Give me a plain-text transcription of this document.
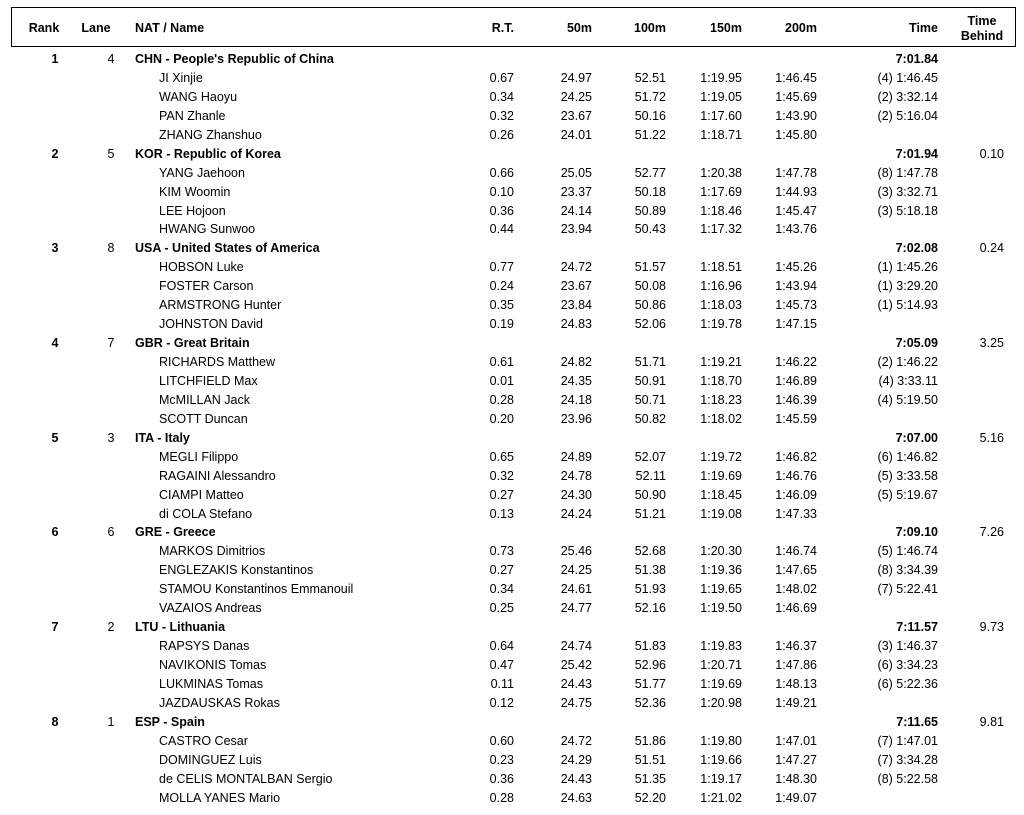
Rank Lane NAT / Name	R.T.	50m	100m	150m	200m	Time	Time
Behind
1	4	CHN - People's Republic of China	7:01.84
JI Xinjie	0.67	24.97	52.51	1:19.95	1:46.45	(4) 1:46.45
WANG Haoyu	0.34	24.25	51.72	1:19.05	1:45.69	(2) 3:32.14
PAN Zhanle	0.32	23.67	50.16	1:17.60	1:43.90	(2) 5:16.04
ZHANG Zhanshuo	0.26	24.01	51.22	1:18.71	1:45.80
2	5	KOR - Republic of Korea	7:01.94	0.10
YANG Jaehoon	0.66	25.05	52.77	1:20.38	1:47.78	(8) 1:47.78
KIM Woomin	0.10	23.37	50.18	1:17.69	1:44.93	(3) 3:32.71
LEE Hojoon	0.36	24.14	50.89	1:18.46	1:45.47	(3) 5:18.18
HWANG Sunwoo	0.44	23.94	50.43	1:17.32	1:43.76
3	8	USA - United States of America	7:02.08	0.24
HOBSON Luke	0.77	24.72	51.57	1:18.51	1:45.26	(1) 1:45.26
FOSTER Carson	0.24	23.67	50.08	1:16.96	1:43.94	(1) 3:29.20
ARMSTRONG Hunter	0.35	23.84	50.86	1:18.03	1:45.73	(1) 5:14.93
JOHNSTON David	0.19	24.83	52.06	1:19.78	1:47.15
4	7	GBR - Great Britain	7:05.09	3.25
RICHARDS Matthew	0.61	24.82	51.71	1:19.21	1:46.22	(2) 1:46.22
LITCHFIELD Max	0.01	24.35	50.91	1:18.70	1:46.89	(4) 3:33.11
McMILLAN Jack	0.28	24.18	50.71	1:18.23	1:46.39	(4) 5:19.50
SCOTT Duncan	0.20	23.96	50.82	1:18.02	1:45.59
5	3	ITA - Italy	7:07.00	5.16
MEGLI Filippo	0.65	24.89	52.07	1:19.72	1:46.82	(6) 1:46.82
RAGAINI Alessandro	0.32	24.78	52.11	1:19.69	1:46.76	(5) 3:33.58
CIAMPI Matteo	0.27	24.30	50.90	1:18.45	1:46.09	(5) 5:19.67
di COLA Stefano	0.13	24.24	51.21	1:19.08	1:47.33
6	6	GRE - Greece	7:09.10	7.26
MARKOS Dimitrios	0.73	25.46	52.68	1:20.30	1:46.74	(5) 1:46.74
ENGLEZAKIS Konstantinos	0.27	24.25	51.38	1:19.36	1:47.65	(8) 3:34.39
STAMOU Konstantinos Emmanouil	0.34	24.61	51.93	1:19.65	1:48.02	(7) 5:22.41
VAZAIOS Andreas	0.25	24.77	52.16	1:19.50	1:46.69
7	2	LTU - Lithuania	7:11.57	9.73
RAPSYS Danas	0.64	24.74	51.83	1:19.83	1:46.37	(3) 1:46.37
NAVIKONIS Tomas	0.47	25.42	52.96	1:20.71	1:47.86	(6) 3:34.23
LUKMINAS Tomas	0.11	24.43	51.77	1:19.69	1:48.13	(6) 5:22.36
JAZDAUSKAS Rokas	0.12	24.75	52.36	1:20.98	1:49.21
8	1	ESP - Spain	7:11.65	9.81
CASTRO Cesar	0.60	24.72	51.86	1:19.80	1:47.01	(7) 1:47.01
DOMINGUEZ Luis	0.23	24.29	51.51	1:19.66	1:47.27	(7) 3:34.28
de CELIS MONTALBAN Sergio	0.36	24.43	51.35	1:19.17	1:48.30	(8) 5:22.58
MOLLA YANES Mario	0.28	24.63	52.20	1:21.02	1:49.07
